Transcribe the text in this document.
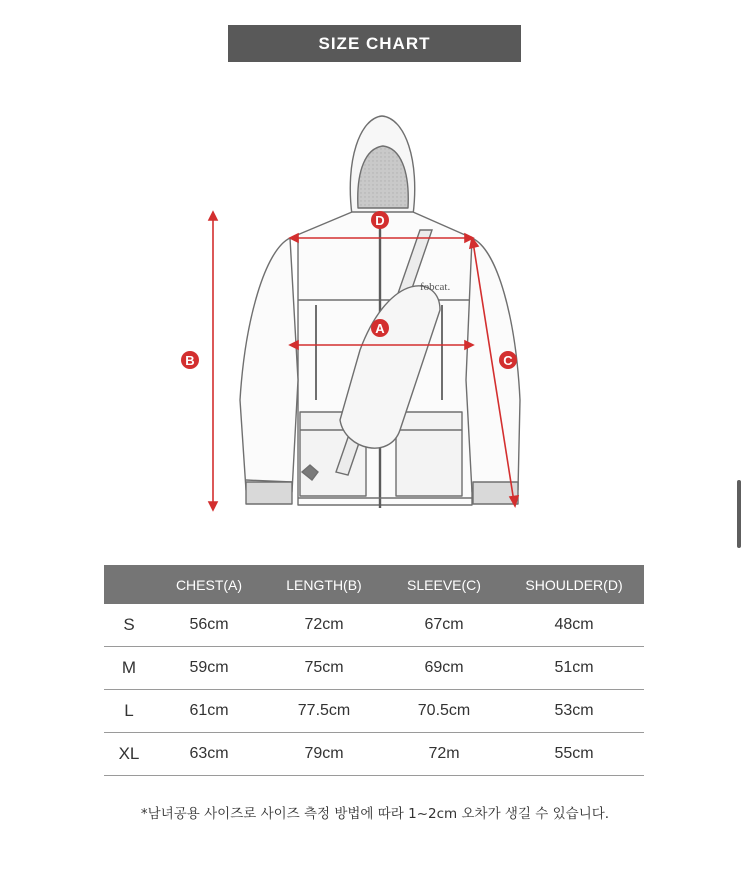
SIZE CHART
fobcat.
D
A
B	C
	CHEST(A)	LENGTH(B)	SLEEVE(C)	SHOULDER(D)
S	56cm	72cm	67cm	48cm
M	59cm	75cm	69cm	51cm
L	61cm	77.5cm	70.5cm	53cm
XL	63cm	79cm	72m	55cm
*남녀공용 사이즈로 사이즈 측정 방법에 따라 1~2cm 오차가 생길 수 있습니다.
